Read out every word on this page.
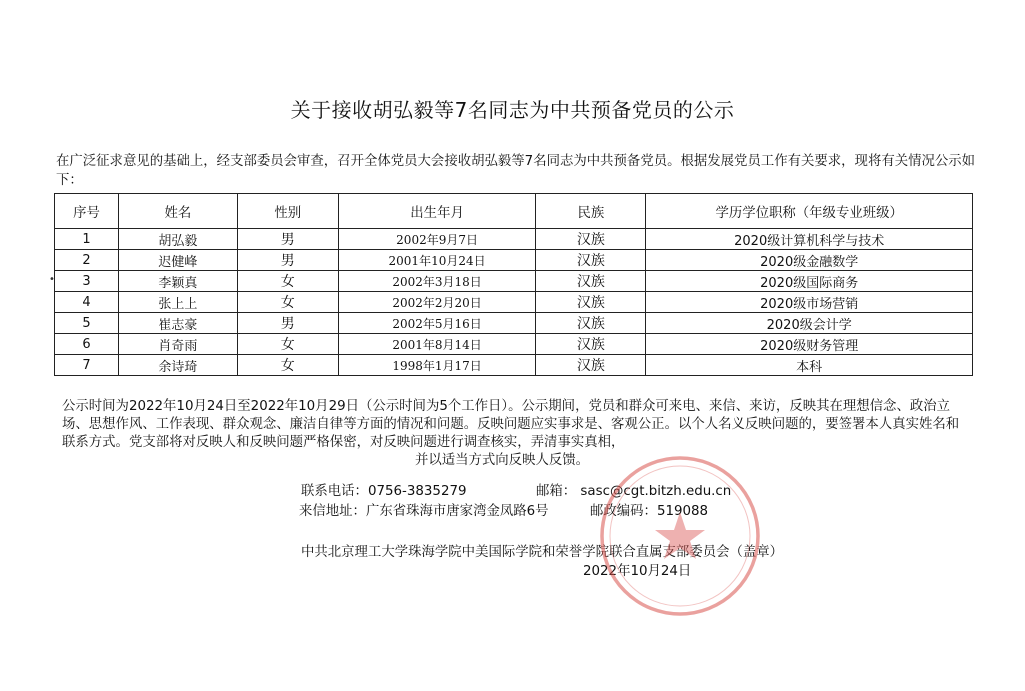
关于接收胡弘毅等7名同志为中共预备党员的公示
在广泛征求意见的基础上，经支部委员会审查，召开全体党员大会接收胡弘毅等7名同志为中共预备党员。根据发展党员工作有关要求，现将有关情况公示如下：
•
序号	姓名	性别	出生年月	民族	学历学位职称（年级专业班级）
1	胡弘毅	男	2002年9月7日	汉族	2020级计算机科学与技术
2	迟健峰	男	2001年10月24日	汉族	2020级金融数学
3	李颖真	女	2002年3月18日	汉族	2020级国际商务
4	张上上	女	2002年2月20日	汉族	2020级市场营销
5	崔志豪	男	2002年5月16日	汉族	2020级会计学
6	肖奇雨	女	2001年8月14日	汉族	2020级财务管理
7	余诗琦	女	1998年1月17日	汉族	本科
公示时间为2022年10月24日至2022年10月29日（公示时间为5个工作日）。公示期间，党员和群众可来电、来信、来访，反映其在理想信念、政治立场、思想作风、工作表现、群众观念、廉洁自律等方面的情况和问题。反映问题应实事求是、客观公正。以个人名义反映问题的，要签署本人真实姓名和联系方式。党支部将对反映人和反映问题严格保密，对反映问题进行调查核实，弄清事实真相，
并以适当方式向反映人反馈。
联系电话：0756-3835279	邮箱： sasc@cgt.bitzh.edu.cn
来信地址：广东省珠海市唐家湾金凤路6号	邮政编码：519088
中共北京理工大学珠海学院中美国际学院和荣誉学院联合直属支部委员会（盖章）
2022年10月24日
